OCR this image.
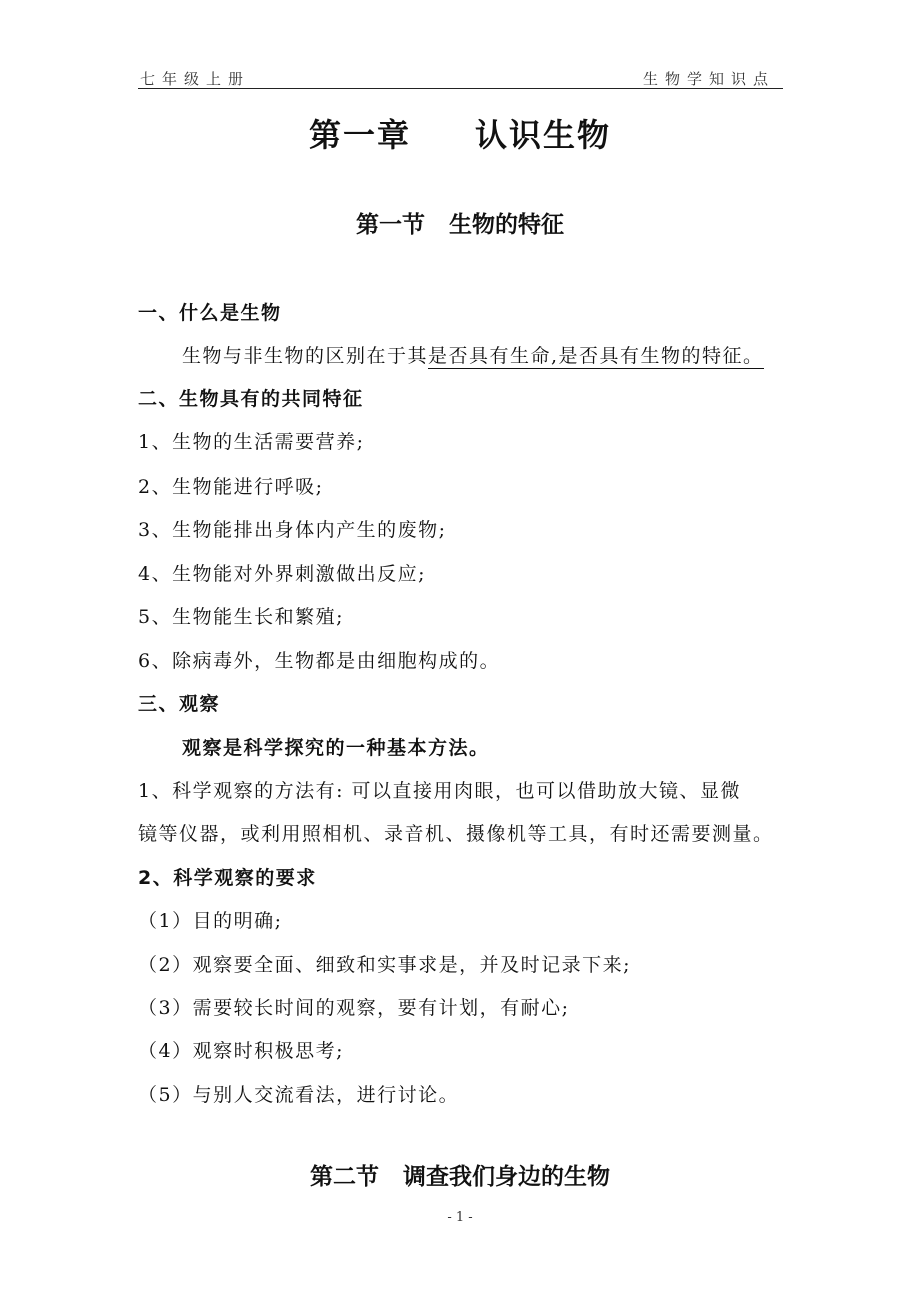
七年级上册	生物学知识点
第一章 认识生物
第一节 生物的特征
一、什么是生物
生物与非生物的区别在于其是否具有生命,是否具有生物的特征。
二、生物具有的共同特征
1、生物的生活需要营养;
2、生物能进行呼吸;
3、生物能排出身体内产生的废物;
4、生物能对外界刺激做出反应;
5、生物能生长和繁殖;
6、除病毒外，生物都是由细胞构成的。
三、观察
观察是科学探究的一种基本方法。
1、科学观察的方法有: 可以直接用肉眼，也可以借助放大镜、显微
镜等仪器，或利用照相机、录音机、摄像机等工具，有时还需要测量。
2、科学观察的要求
（1）目的明确;
（2）观察要全面、细致和实事求是，并及时记录下来;
（3）需要较长时间的观察，要有计划，有耐心;
（4）观察时积极思考;
（5）与别人交流看法，进行讨论。
第二节 调查我们身边的生物
- 1 -
